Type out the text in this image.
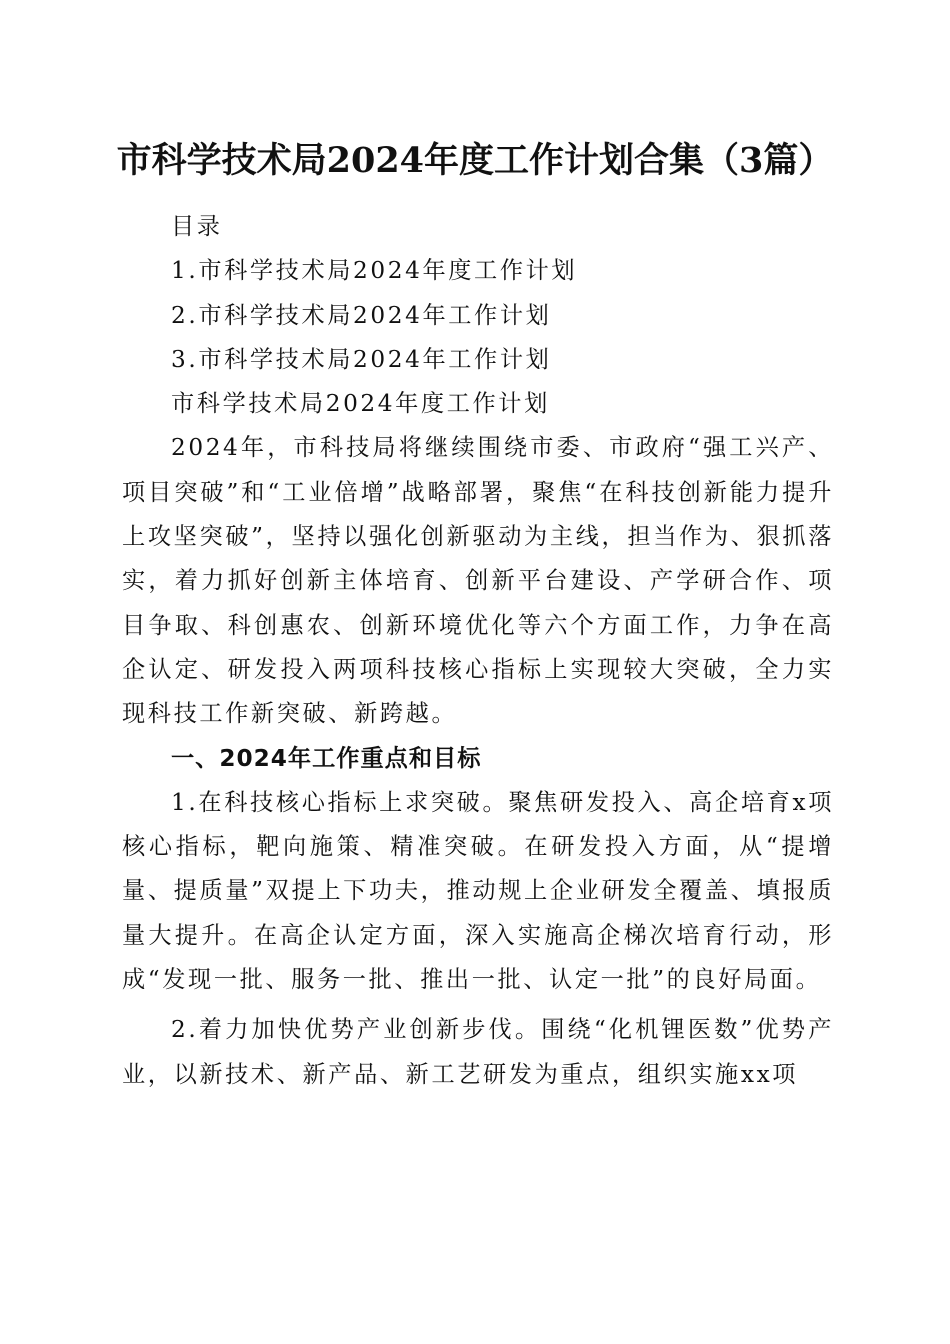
市科学技术局2024年度工作计划合集（3篇）

目录

1.市科学技术局2024年度工作计划

2.市科学技术局2024年工作计划

3.市科学技术局2024年工作计划

市科学技术局2024年度工作计划

2024年，市科技局将继续围绕市委、市政府“强工兴产、项目突破”和“工业倍增”战略部署，聚焦“在科技创新能力提升上攻坚突破”，坚持以强化创新驱动为主线，担当作为、狠抓落实，着力抓好创新主体培育、创新平台建设、产学研合作、项目争取、科创惠农、创新环境优化等六个方面工作，力争在高企认定、研发投入两项科技核心指标上实现较大突破，全力实现科技工作新突破、新跨越。

一、2024年工作重点和目标

1.在科技核心指标上求突破。聚焦研发投入、高企培育x项核心指标，靶向施策、精准突破。在研发投入方面，从“提增量、提质量”双提上下功夫，推动规上企业研发全覆盖、填报质量大提升。在高企认定方面，深入实施高企梯次培育行动，形成“发现一批、服务一批、推出一批、认定一批”的良好局面。

2.着力加快优势产业创新步伐。围绕“化机锂医数”优势产业，以新技术、新产品、新工艺研发为重点，组织实施xx项
